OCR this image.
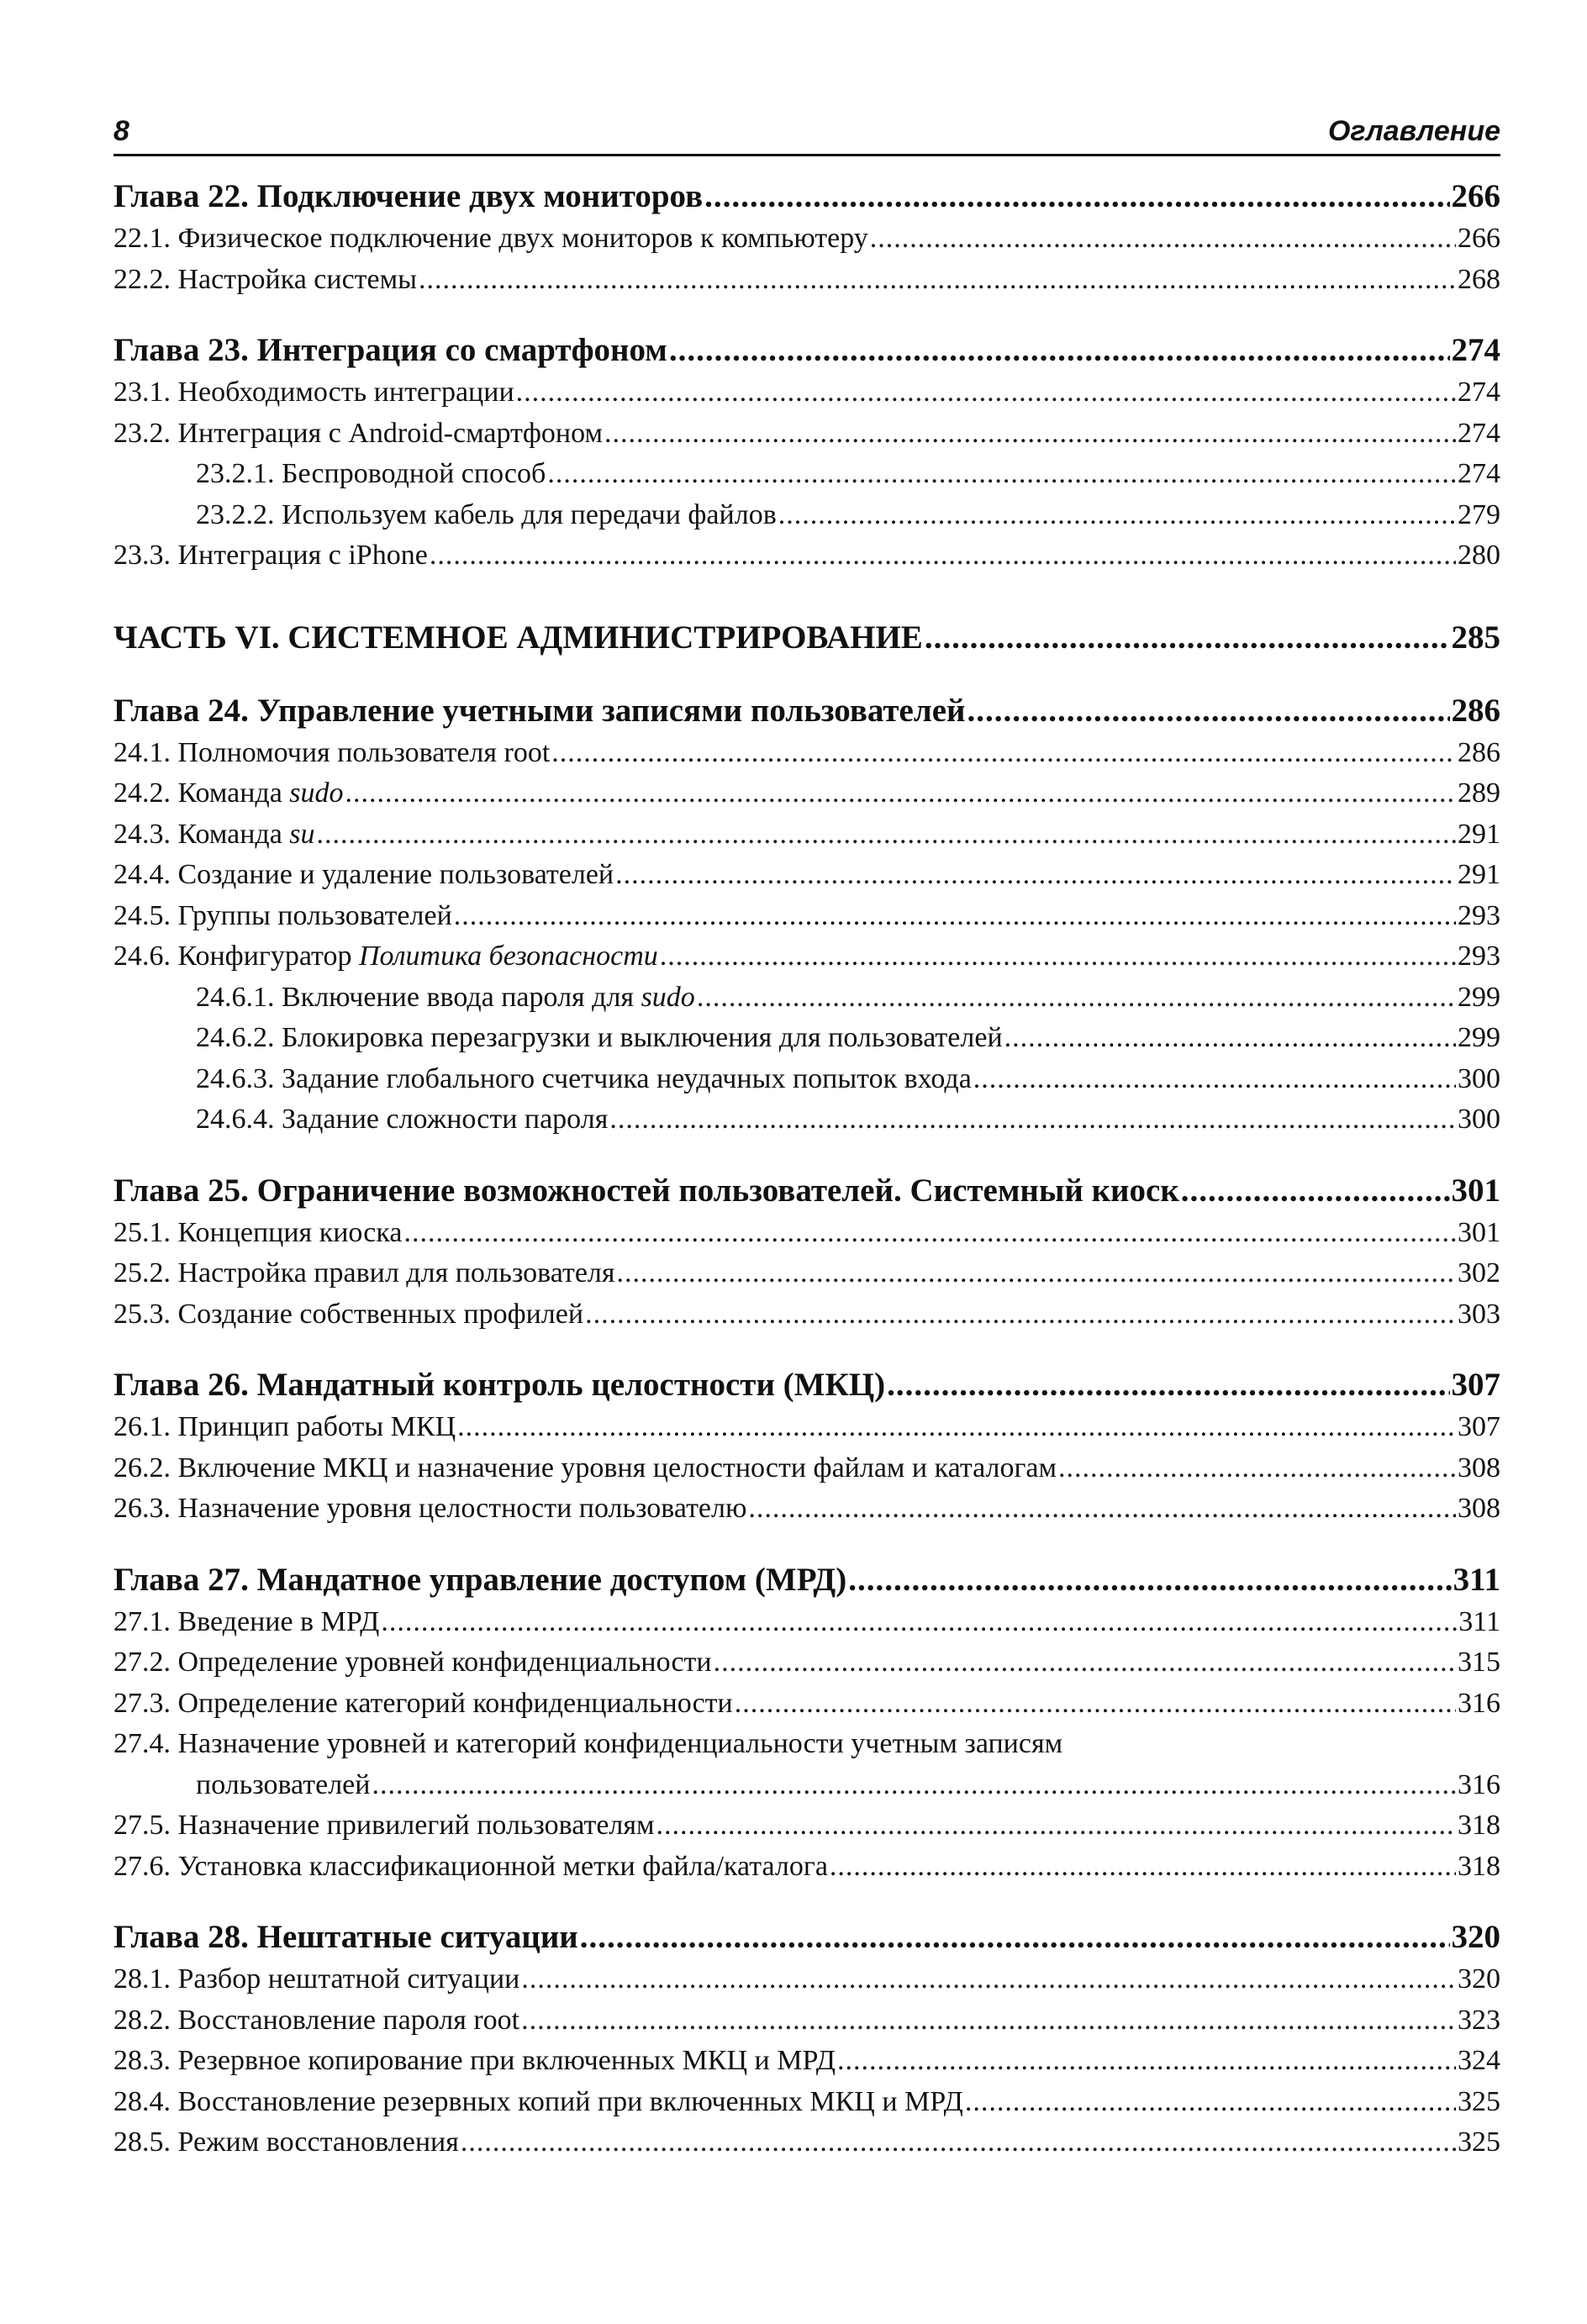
8	Оглавление
Глава 22. Подключение двух мониторов .....	266
22.1. Физическое подключение двух мониторов к компьютеру .....	266
22.2. Настройка системы .....	268
Глава 23. Интеграция со смартфоном .....	274
23.1. Необходимость интеграции .....	274
23.2. Интеграция с Android-смартфоном .....	274
23.2.1. Беспроводной способ .....	274
23.2.2. Используем кабель для передачи файлов .....	279
23.3. Интеграция с iPhone .....	280
ЧАСТЬ VI. СИСТЕМНОЕ АДМИНИСТРИРОВАНИЕ .....	285
Глава 24. Управление учетными записями пользователей .....	286
24.1. Полномочия пользователя root .....	286
24.2. Команда sudo .....	289
24.3. Команда su .....	291
24.4. Создание и удаление пользователей .....	291
24.5. Группы пользователей .....	293
24.6. Конфигуратор Политика безопасности .....	293
24.6.1. Включение ввода пароля для sudo .....	299
24.6.2. Блокировка перезагрузки и выключения для пользователей .....	299
24.6.3. Задание глобального счетчика неудачных попыток входа .....	300
24.6.4. Задание сложности пароля .....	300
Глава 25. Ограничение возможностей пользователей. Системный киоск .....	301
25.1. Концепция киоска .....	301
25.2. Настройка правил для пользователя .....	302
25.3. Создание собственных профилей .....	303
Глава 26. Мандатный контроль целостности (МКЦ) .....	307
26.1. Принцип работы МКЦ .....	307
26.2. Включение МКЦ и назначение уровня целостности файлам и каталогам .....	308
26.3. Назначение уровня целостности пользователю .....	308
Глава 27. Мандатное управление доступом (МРД) .....	311
27.1. Введение в МРД .....	311
27.2. Определение уровней конфиденциальности .....	315
27.3. Определение категорий конфиденциальности .....	316
27.4. Назначение уровней и категорий конфиденциальности учетным записям
пользователей .....	316
27.5. Назначение привилегий пользователям .....	318
27.6. Установка классификационной метки файла/каталога .....	318
Глава 28. Нештатные ситуации .....	320
28.1. Разбор нештатной ситуации .....	320
28.2. Восстановление пароля root .....	323
28.3. Резервное копирование при включенных МКЦ и МРД .....	324
28.4. Восстановление резервных копий при включенных МКЦ и МРД .....	325
28.5. Режим восстановления .....	325
